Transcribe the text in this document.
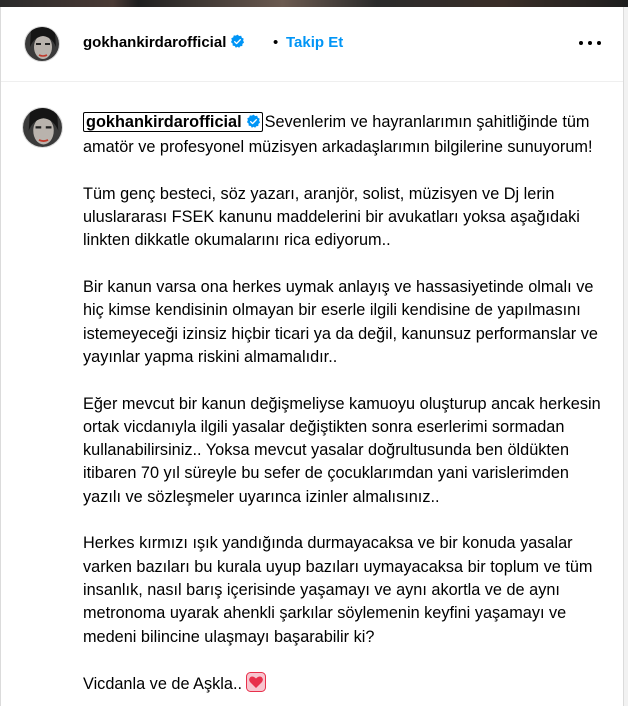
gokhankirdarofficial	• Takip Et

gokhankirdarofficial Sevenlerim ve hayranlarımın şahitliğinde tüm amatör ve profesyonel müzisyen arkadaşlarımın bilgilerine sunuyorum!

Tüm genç besteci, söz yazarı, aranjör, solist, müzisyen ve Dj lerin uluslararası FSEK kanunu maddelerini bir avukatları yoksa aşağıdaki linkten dikkatle okumalarını rica ediyorum..

Bir kanun varsa ona herkes uymak anlayış ve hassasiyetinde olmalı ve hiç kimse kendisinin olmayan bir eserle ilgili kendisine de yapılmasını istemeyeceği izinsiz hiçbir ticari ya da değil, kanunsuz performanslar ve yayınlar yapma riskini almamalıdır..

Eğer mevcut bir kanun değişmeliyse kamuoyu oluşturup ancak herkesin ortak vicdanıyla ilgili yasalar değiştikten sonra eserlerimi sormadan kullanabilirsiniz.. Yoksa mevcut yasalar doğrultusunda ben öldükten itibaren 70 yıl süreyle bu sefer de çocuklarımdan yani varislerimden yazılı ve sözleşmeler uyarınca izinler almalısınız..

Herkes kırmızı ışık yandığında durmayacaksa ve bir konuda yasalar varken bazıları bu kurala uyup bazıları uymayacaksa bir toplum ve tüm insanlık, nasıl barış içerisinde yaşamayı ve aynı akortla ve de aynı metronoma uyarak ahenkli şarkılar söylemenin keyfini yaşamayı ve medeni bilincine ulaşmayı başarabilir ki?

Vicdanla ve de Aşkla..
